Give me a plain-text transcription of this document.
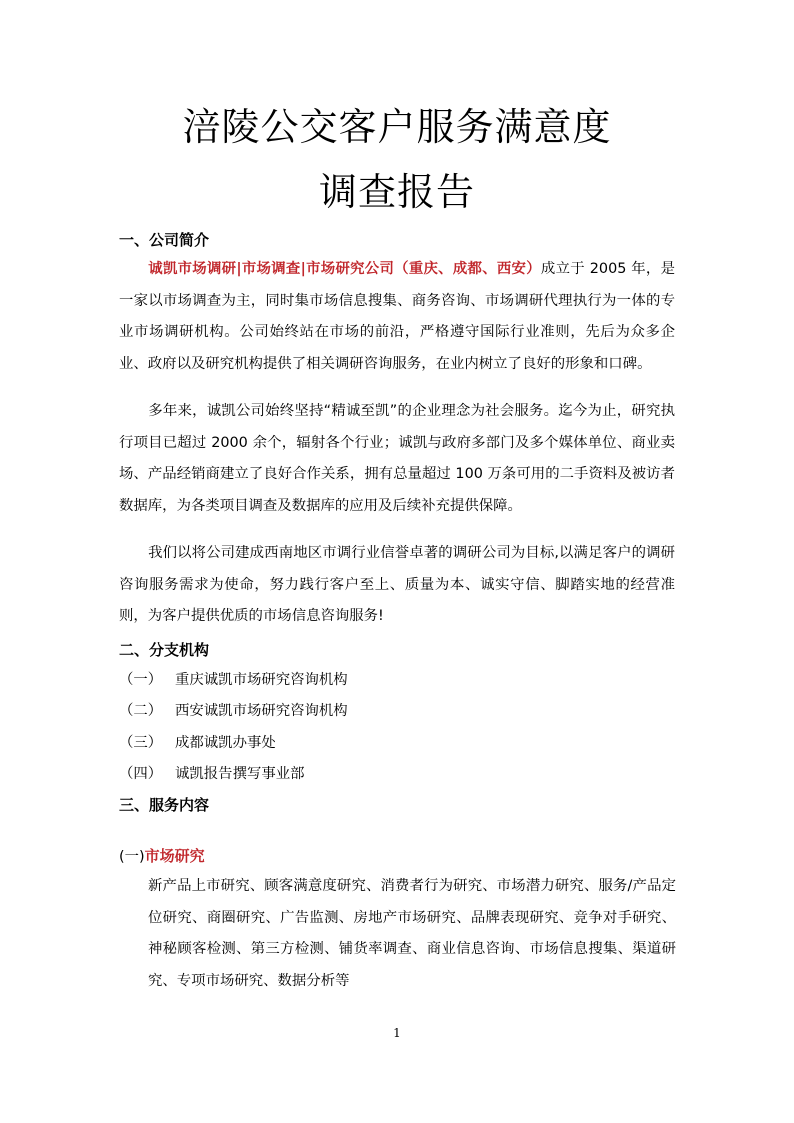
涪陵公交客户服务满意度
调查报告
一、公司简介

诚凯市场调研|市场调查|市场研究公司（重庆、成都、西安）成立于 2005 年，是一家以市场调查为主，同时集市场信息搜集、商务咨询、市场调研代理执行为一体的专业市场调研机构。公司始终站在市场的前沿，严格遵守国际行业准则，先后为众多企业、政府以及研究机构提供了相关调研咨询服务，在业内树立了良好的形象和口碑。

多年来，诚凯公司始终坚持“精诚至凯”的企业理念为社会服务。迄今为止，研究执行项目已超过 2000 余个，辐射各个行业；诚凯与政府多部门及多个媒体单位、商业卖场、产品经销商建立了良好合作关系，拥有总量超过 100 万条可用的二手资料及被访者数据库，为各类项目调查及数据库的应用及后续补充提供保障。

我们以将公司建成西南地区市调行业信誉卓著的调研公司为目标,以满足客户的调研咨询服务需求为使命，努力践行客户至上、质量为本、诚实守信、脚踏实地的经营准则，为客户提供优质的市场信息咨询服务!

二、分支机构
（一） 重庆诚凯市场研究咨询机构
（二） 西安诚凯市场研究咨询机构
（三） 成都诚凯办事处
（四） 诚凯报告撰写事业部
三、服务内容
(一)市场研究

新产品上市研究、顾客满意度研究、消费者行为研究、市场潜力研究、服务/产品定位研究、商圈研究、广告监测、房地产市场研究、品牌表现研究、竞争对手研究、神秘顾客检测、第三方检测、铺货率调查、商业信息咨询、市场信息搜集、渠道研究、专项市场研究、数据分析等

1
